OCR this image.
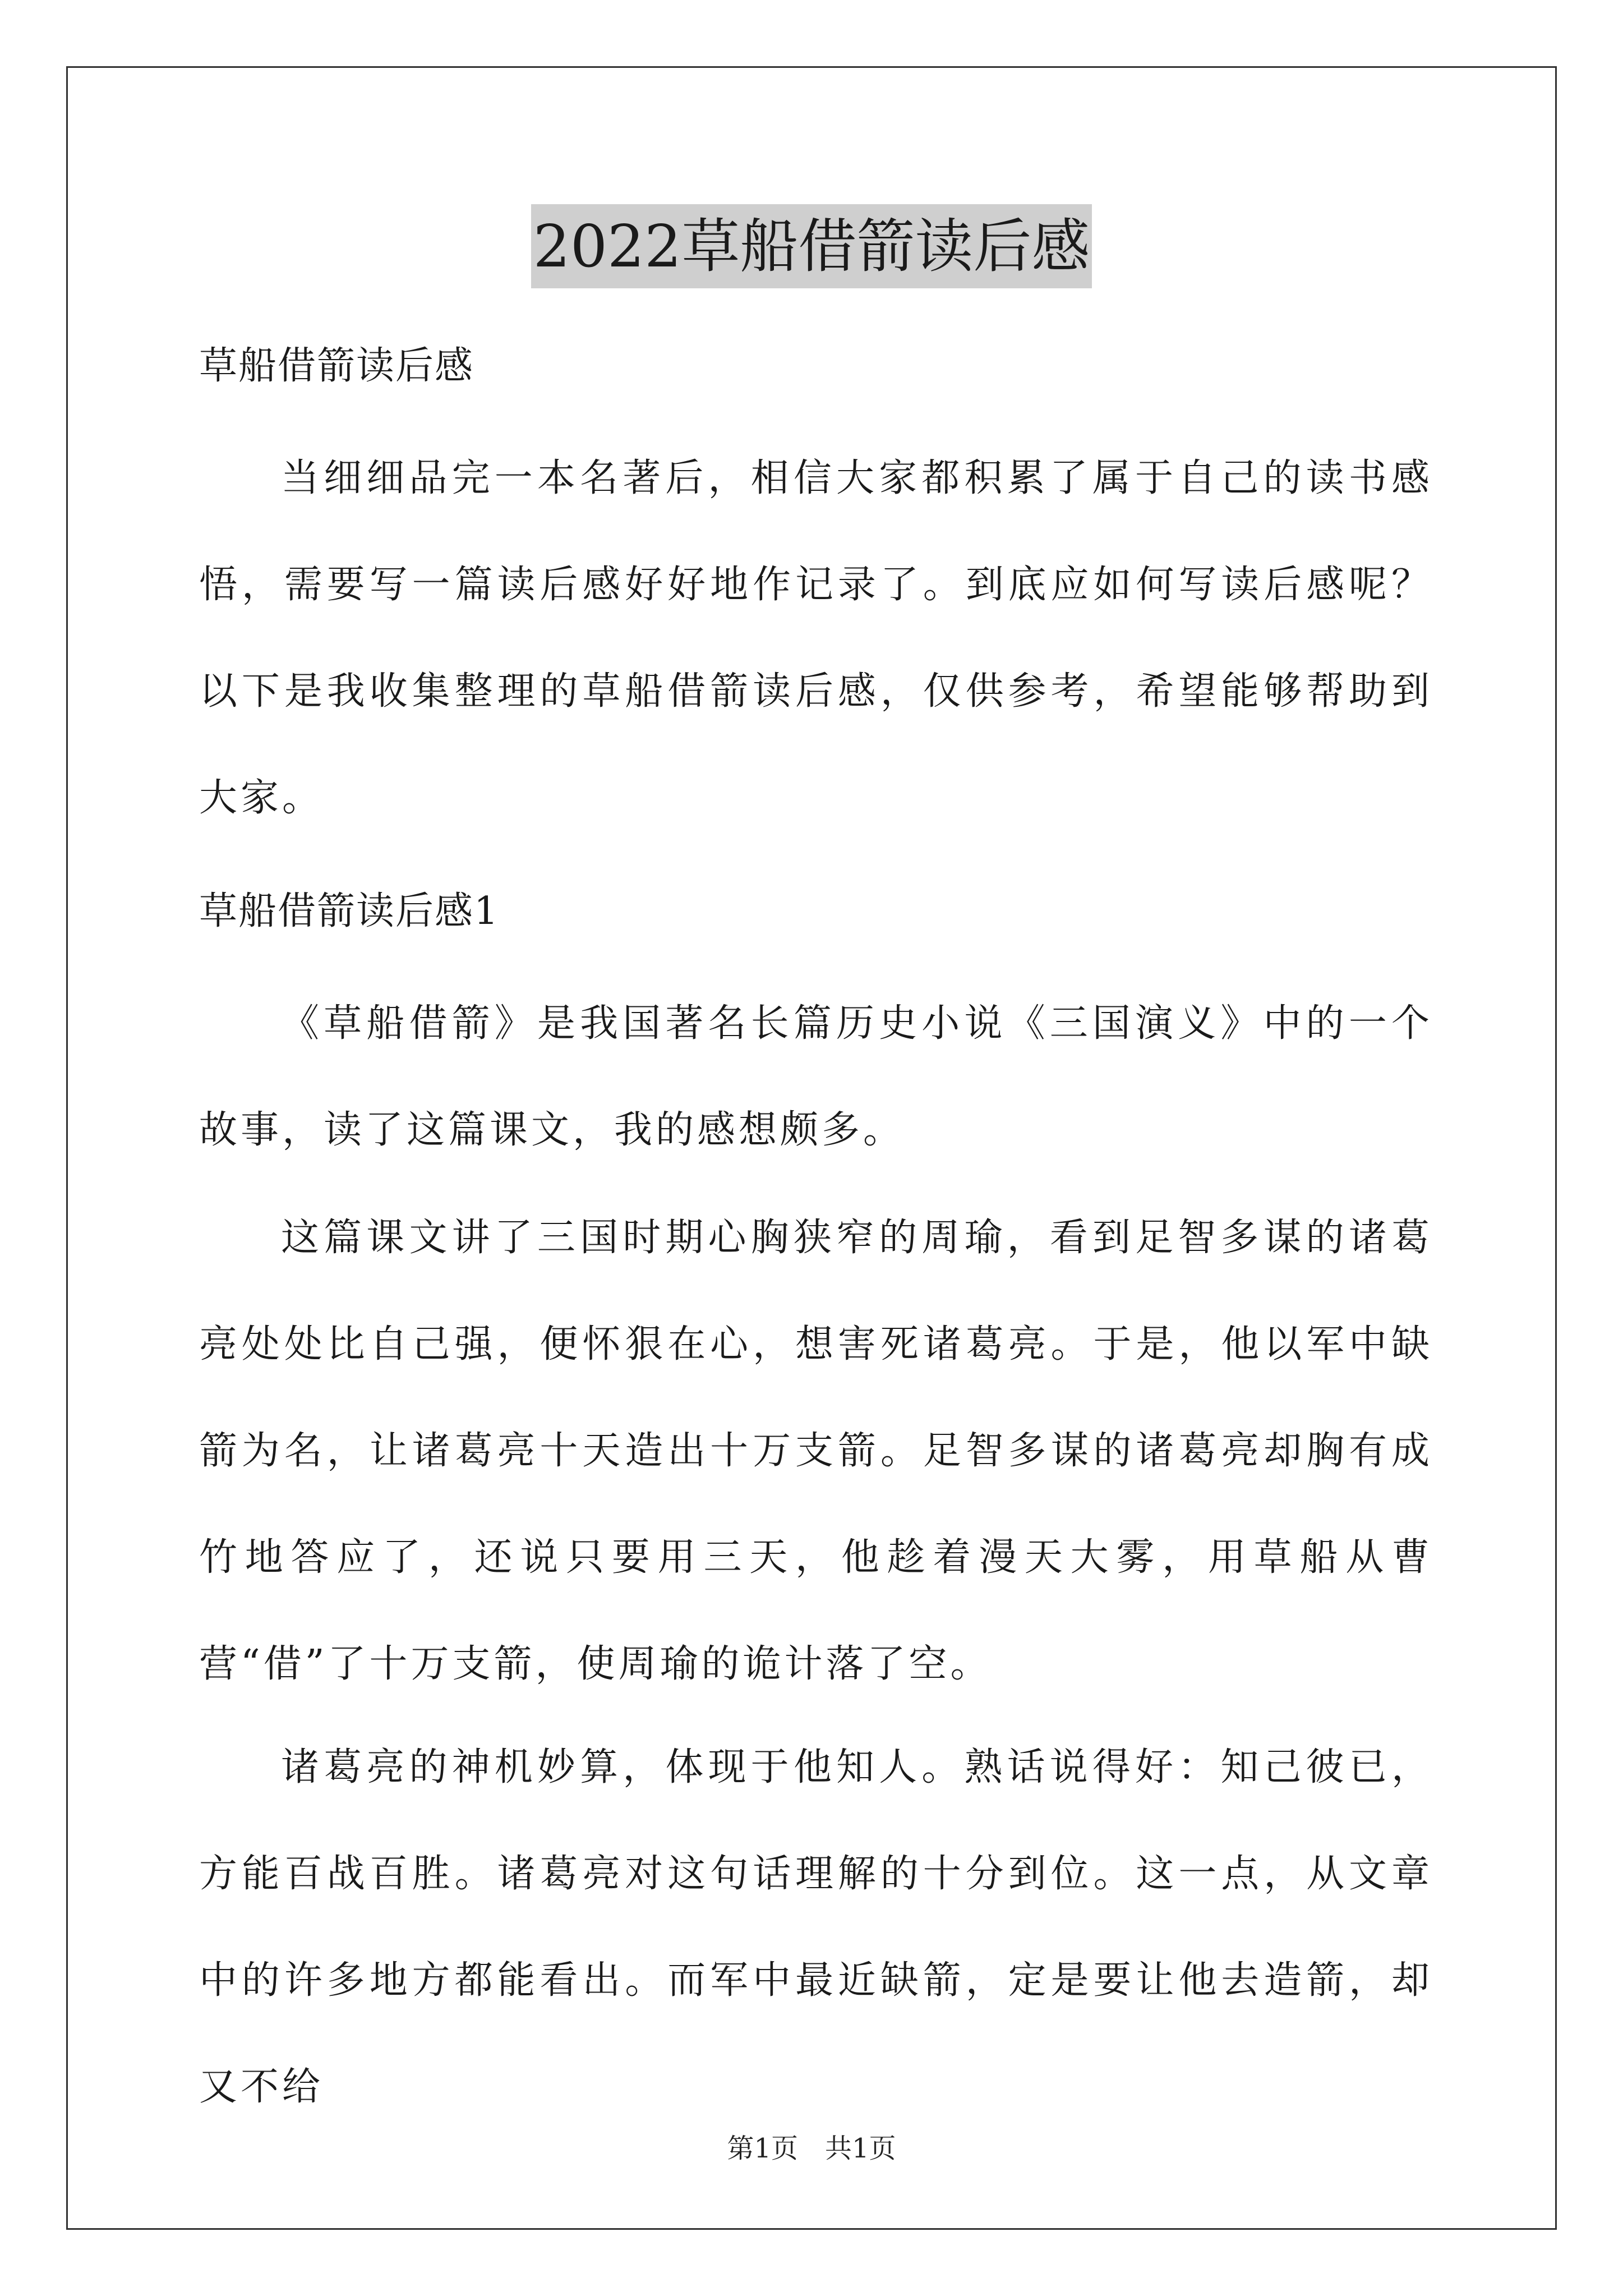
2022草船借箭读后感
草船借箭读后感
当细细品完一本名著后，相信大家都积累了属于自己的读书感悟，需要写一篇读后感好好地作记录了。到底应如何写读后感呢？以下是我收集整理的草船借箭读后感，仅供参考，希望能够帮助到大家。
草船借箭读后感1
《草船借箭》是我国著名长篇历史小说《三国演义》中的一个故事，读了这篇课文，我的感想颇多。
这篇课文讲了三国时期心胸狭窄的周瑜，看到足智多谋的诸葛亮处处比自己强，便怀狠在心，想害死诸葛亮。于是，他以军中缺箭为名，让诸葛亮十天造出十万支箭。足智多谋的诸葛亮却胸有成竹地答应了，还说只要用三天，他趁着漫天大雾，用草船从曹营“借”了十万支箭，使周瑜的诡计落了空。
诸葛亮的神机妙算，体现于他知人。熟话说得好：知己彼已，方能百战百胜。诸葛亮对这句话理解的十分到位。这一点，从文章中的许多地方都能看出。而军中最近缺箭，定是要让他去造箭，却又不给
第1页　共1页
